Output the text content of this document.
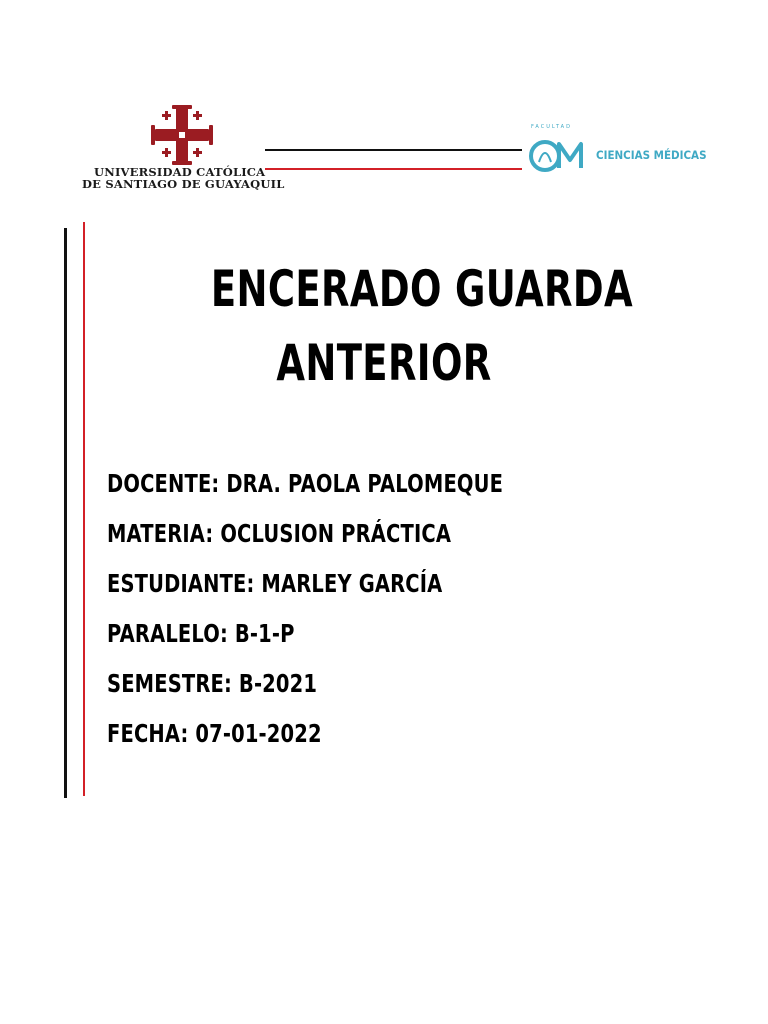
UNIVERSIDAD CATÓLICA
DE SANTIAGO DE GUAYAQUIL
FACULTAD
CIENCIAS MÉDICAS
ENCERADO GUARDA
ANTERIOR
DOCENTE: DRA. PAOLA PALOMEQUE
MATERIA: OCLUSION PRÁCTICA
ESTUDIANTE: MARLEY GARCÍA
PARALELO: B-1-P
SEMESTRE: B-2021
FECHA: 07-01-2022
